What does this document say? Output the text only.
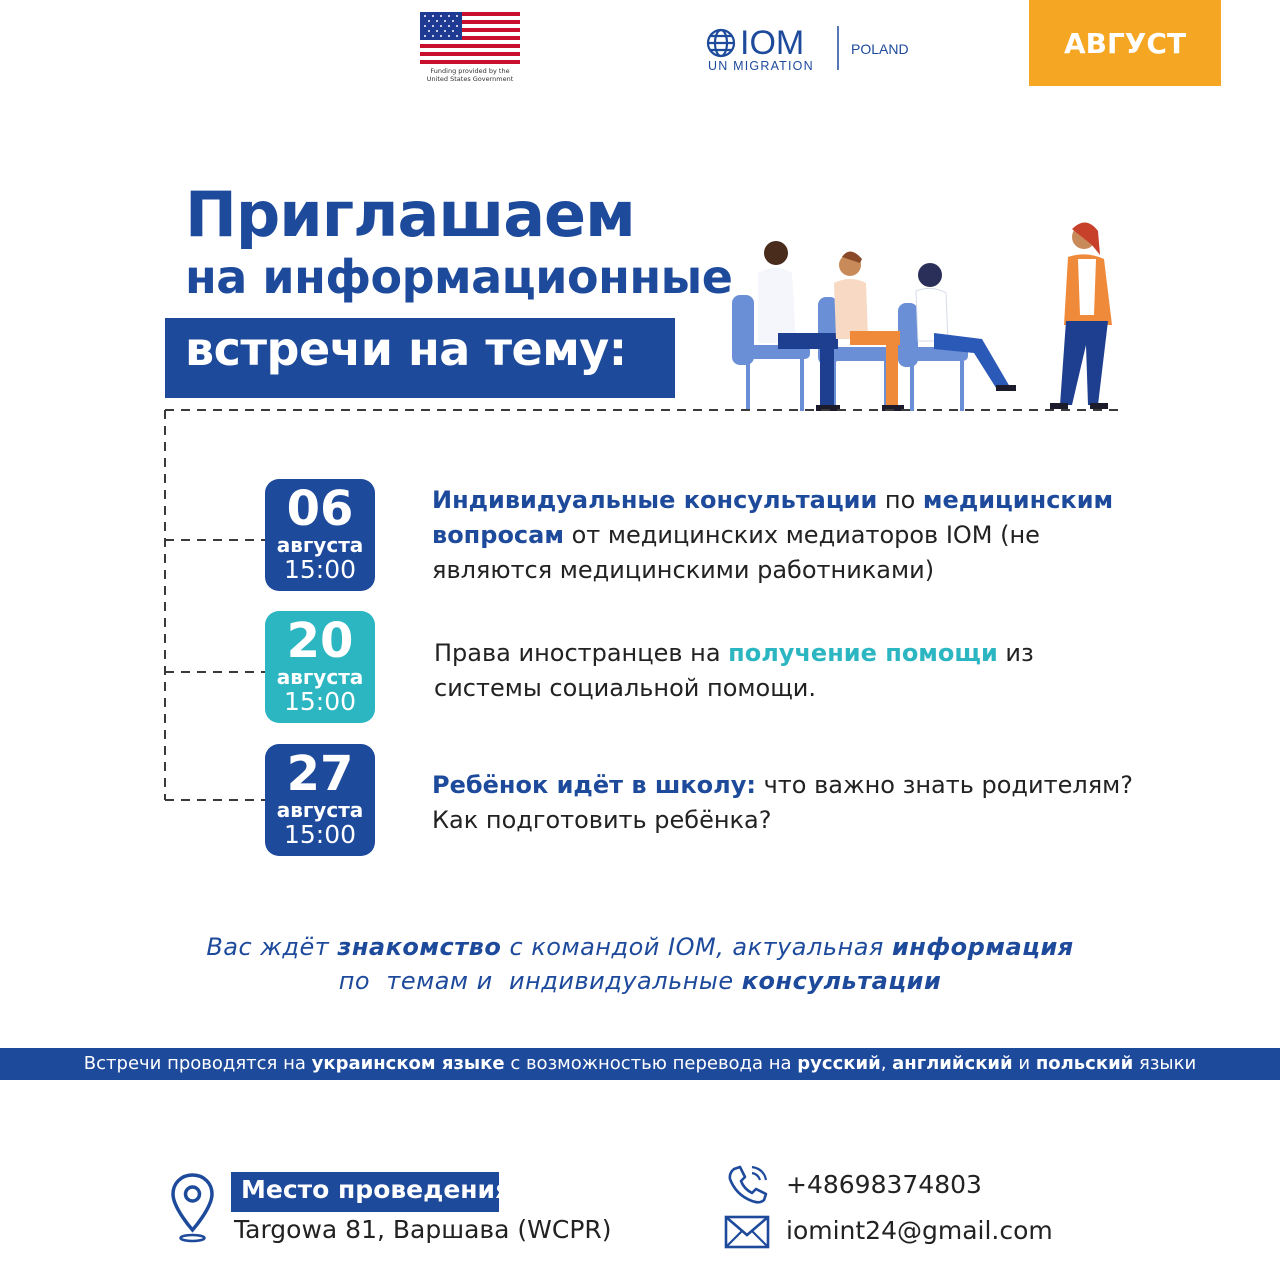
Funding provided by the
United States Government
IOM
UN MIGRATION
POLAND	АВГУСТ
Приглашаем
на информационные
встречи на тему:
06
августа
15:00
20
августа
15:00
27
августа
15:00
Индивидуальные консультации по медицинским вопросам от медицинских медиаторов IOM (не являются медицинскими работниками)
Права иностранцев на получение помощи из системы социальной помощи.
Ребёнок идёт в школу: что важно знать родителям? Как подготовить ребёнка?
Вас ждёт знакомство с командой IOM, актуальная информация
по  темам и  индивидуальные консультации
Встречи проводятся на украинском языке с возможностью перевода на русский, английский и польский языки
Место проведения:
Targowa 81, Варшава (WCPR)
+48698374803
iomint24@gmail.com
